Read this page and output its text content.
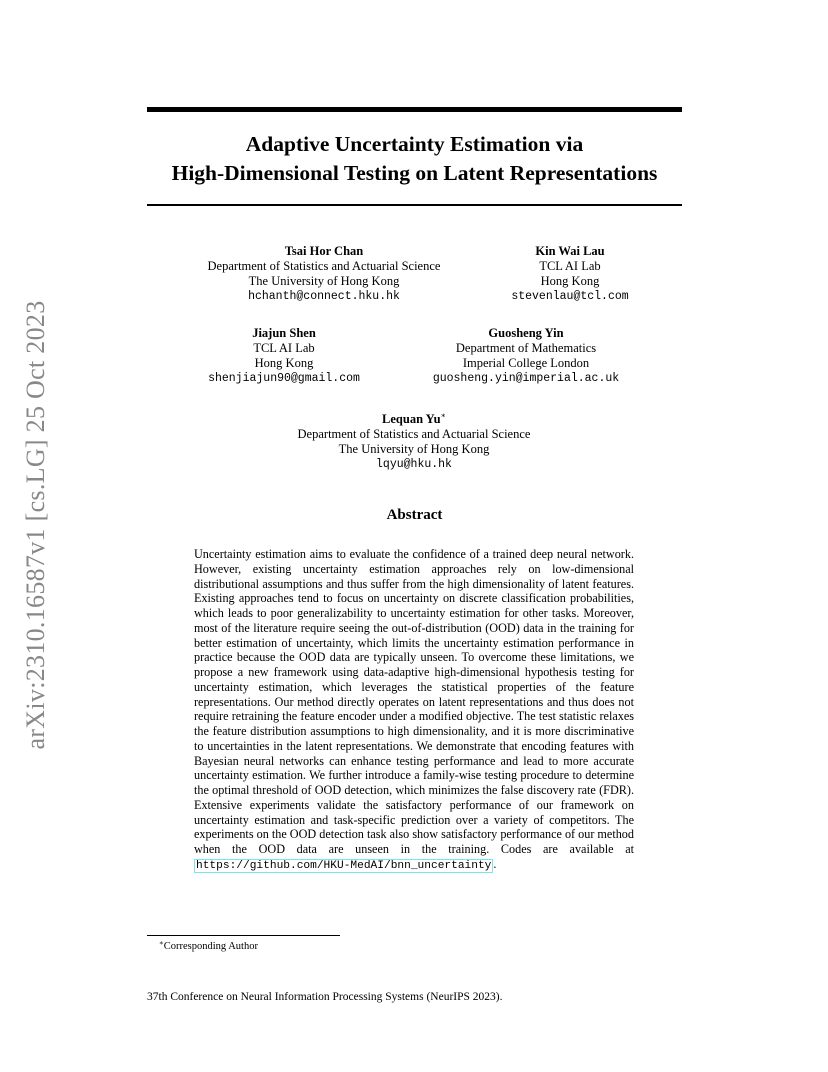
arXiv:2310.16587v1 [cs.LG] 25 Oct 2023
Adaptive Uncertainty Estimation via
High-Dimensional Testing on Latent Representations
Tsai Hor Chan
Department of Statistics and Actuarial Science
The University of Hong Kong
hchanth@connect.hku.hk
Kin Wai Lau
TCL AI Lab
Hong Kong
stevenlau@tcl.com
Jiajun Shen
TCL AI Lab
Hong Kong
shenjiajun90@gmail.com
Guosheng Yin
Department of Mathematics
Imperial College London
guosheng.yin@imperial.ac.uk
Lequan Yu∗
Department of Statistics and Actuarial Science
The University of Hong Kong
lqyu@hku.hk
Abstract
Uncertainty estimation aims to evaluate the confidence of a trained deep neural network. However, existing uncertainty estimation approaches rely on low-dimensional distributional assumptions and thus suffer from the high dimensionality of latent features. Existing approaches tend to focus on uncertainty on discrete classification probabilities, which leads to poor generalizability to uncertainty estimation for other tasks. Moreover, most of the literature require seeing the out-of-distribution (OOD) data in the training for better estimation of uncertainty, which limits the uncertainty estimation performance in practice because the OOD data are typically unseen. To overcome these limitations, we propose a new framework using data-adaptive high-dimensional hypothesis testing for uncertainty estimation, which leverages the statistical properties of the feature representations. Our method directly operates on latent representations and thus does not require retraining the feature encoder under a modified objective. The test statistic relaxes the feature distribution assumptions to high dimensionality, and it is more discriminative to uncertainties in the latent representations. We demonstrate that encoding features with Bayesian neural networks can enhance testing performance and lead to more accurate uncertainty estimation. We further introduce a family-wise testing procedure to determine the optimal threshold of OOD detection, which minimizes the false discovery rate (FDR). Extensive experiments validate the satisfactory performance of our framework on uncertainty estimation and task-specific prediction over a variety of competitors. The experiments on the OOD detection task also show satisfactory performance of our method when the OOD data are unseen in the training. Codes are available at https://github.com/HKU-MedAI/bnn_uncertainty .
∗Corresponding Author
37th Conference on Neural Information Processing Systems (NeurIPS 2023).
